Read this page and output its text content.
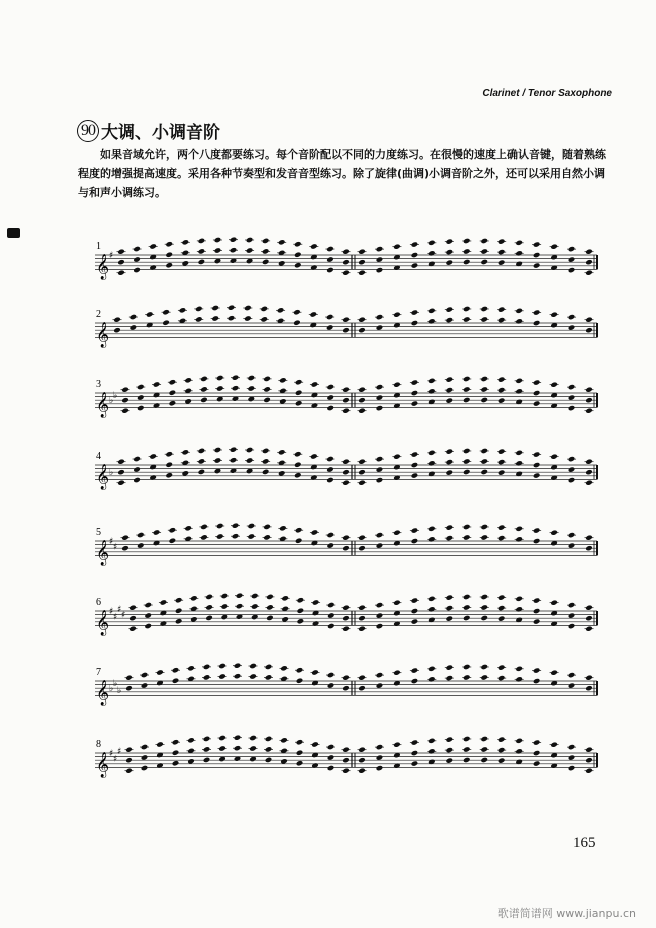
Clarinet / Tenor Saxophone
90 大调、小调音阶
如果音域允许，两个八度都要练习。每个音阶配以不同的力度练习。在很慢的速度上确认音键，随着熟练程度的增强提高速度。采用各种节奏型和发音音型练习。除了旋律(曲调)小调音阶之外，还可以采用自然小调与和声小调练习。
1
𝄞 ♯
2
𝄞
3
𝄞 ♭
♭
4
𝄞 ♭
5
𝄞 ♯
♯
6
𝄞 ♯
♯
♯
♯
7
𝄞 ♭
♭
♭
8
𝄞 ♯
♯
♯
165
歌谱简谱网 www.jianpu.cn
